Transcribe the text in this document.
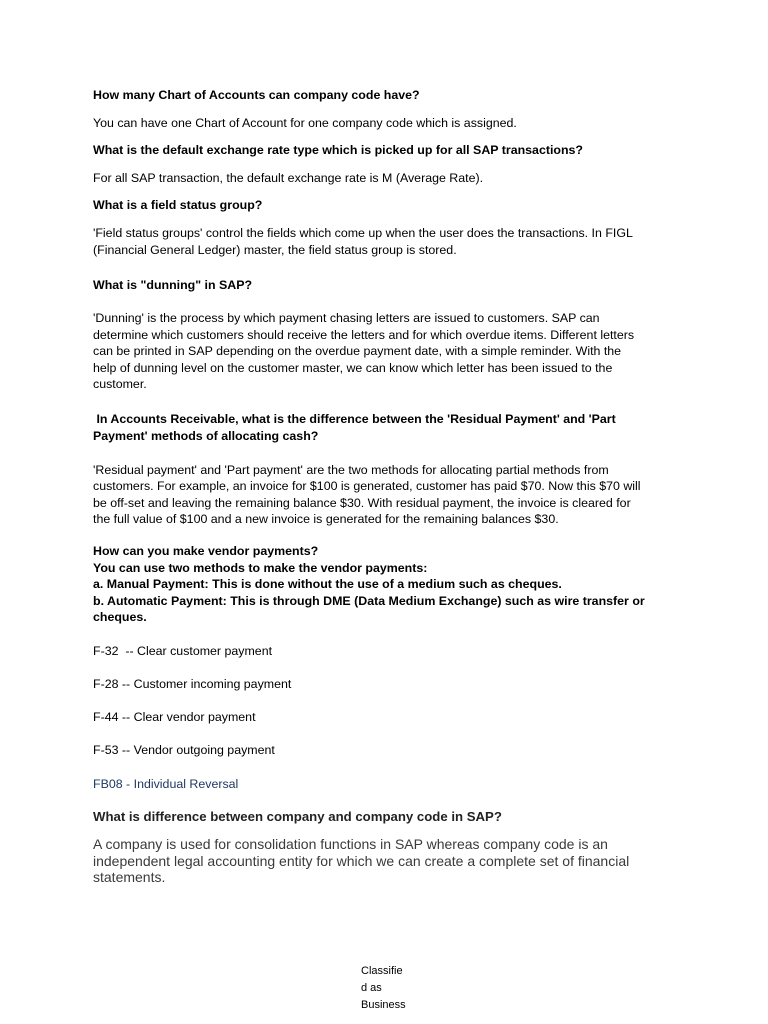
How many Chart of Accounts can company code have?
You can have one Chart of Account for one company code which is assigned.
What is the default exchange rate type which is picked up for all SAP transactions?
For all SAP transaction, the default exchange rate is M (Average Rate).
What is a field status group?
'Field status groups' control the fields which come up when the user does the transactions. In FIGL
(Financial General Ledger) master, the field status group is stored.
What is "dunning" in SAP?
'Dunning' is the process by which payment chasing letters are issued to customers. SAP can
determine which customers should receive the letters and for which overdue items. Different letters
can be printed in SAP depending on the overdue payment date, with a simple reminder. With the
help of dunning level on the customer master, we can know which letter has been issued to the
customer.
In Accounts Receivable, what is the difference between the 'Residual Payment' and 'Part
Payment' methods of allocating cash?
'Residual payment' and 'Part payment' are the two methods for allocating partial methods from
customers. For example, an invoice for $100 is generated, customer has paid $70. Now this $70 will
be off-set and leaving the remaining balance $30. With residual payment, the invoice is cleared for
the full value of $100 and a new invoice is generated for the remaining balances $30.
How can you make vendor payments?
You can use two methods to make the vendor payments:
a. Manual Payment: This is done without the use of a medium such as cheques.
b. Automatic Payment: This is through DME (Data Medium Exchange) such as wire transfer or
cheques.
F-32  -- Clear customer payment
F-28 -- Customer incoming payment
F-44 -- Clear vendor payment
F-53 -- Vendor outgoing payment
FB08 - Individual Reversal
What is difference between company and company code in SAP?
A company is used for consolidation functions in SAP whereas company code is an
independent legal accounting entity for which we can create a complete set of financial
statements.
Classifie
d as
Business
